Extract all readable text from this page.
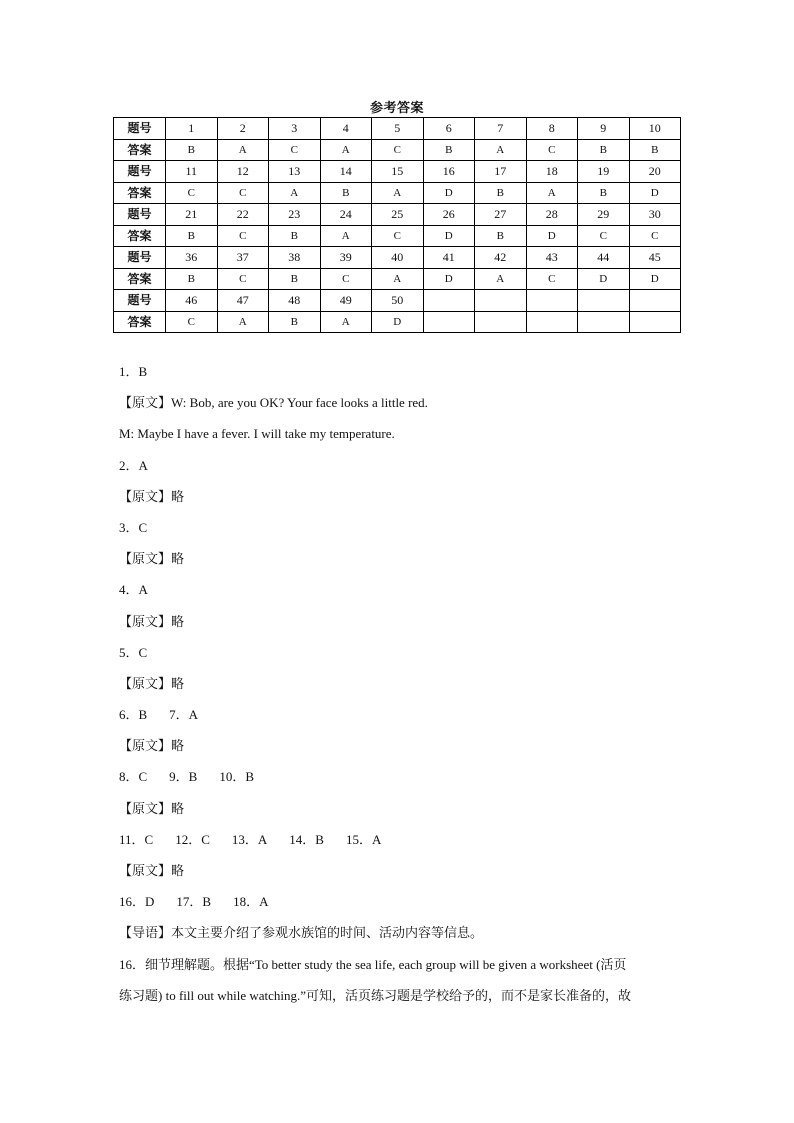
参考答案
题号	1	2	3	4	5	6	7	8	9	10
答案	B	A	C	A	C	B	A	C	B	B
题号	11	12	13	14	15	16	17	18	19	20
答案	C	C	A	B	A	D	B	A	B	D
题号	21	22	23	24	25	26	27	28	29	30
答案	B	C	B	A	C	D	B	D	C	C
题号	36	37	38	39	40	41	42	43	44	45
答案	B	C	B	C	A	D	A	C	D	D
题号	46	47	48	49	50					
答案	C	A	B	A	D					
1．B
【原文】W: Bob, are you OK? Your face looks a little red.
M: Maybe I have a fever. I will take my temperature.
2．A
【原文】略
3．C
【原文】略
4．A
【原文】略
5．C
【原文】略
6．B 7．A
【原文】略
8．C 9．B 10．B
【原文】略
11．C 12．C 13．A 14．B 15．A
【原文】略
16．D 17．B 18．A
【导语】本文主要介绍了参观水族馆的时间、活动内容等信息。
16．细节理解题。根据“To better study the sea life, each group will be given a worksheet (活页
练习题) to fill out while watching.”可知，活页练习题是学校给予的，而不是家长准备的，故
